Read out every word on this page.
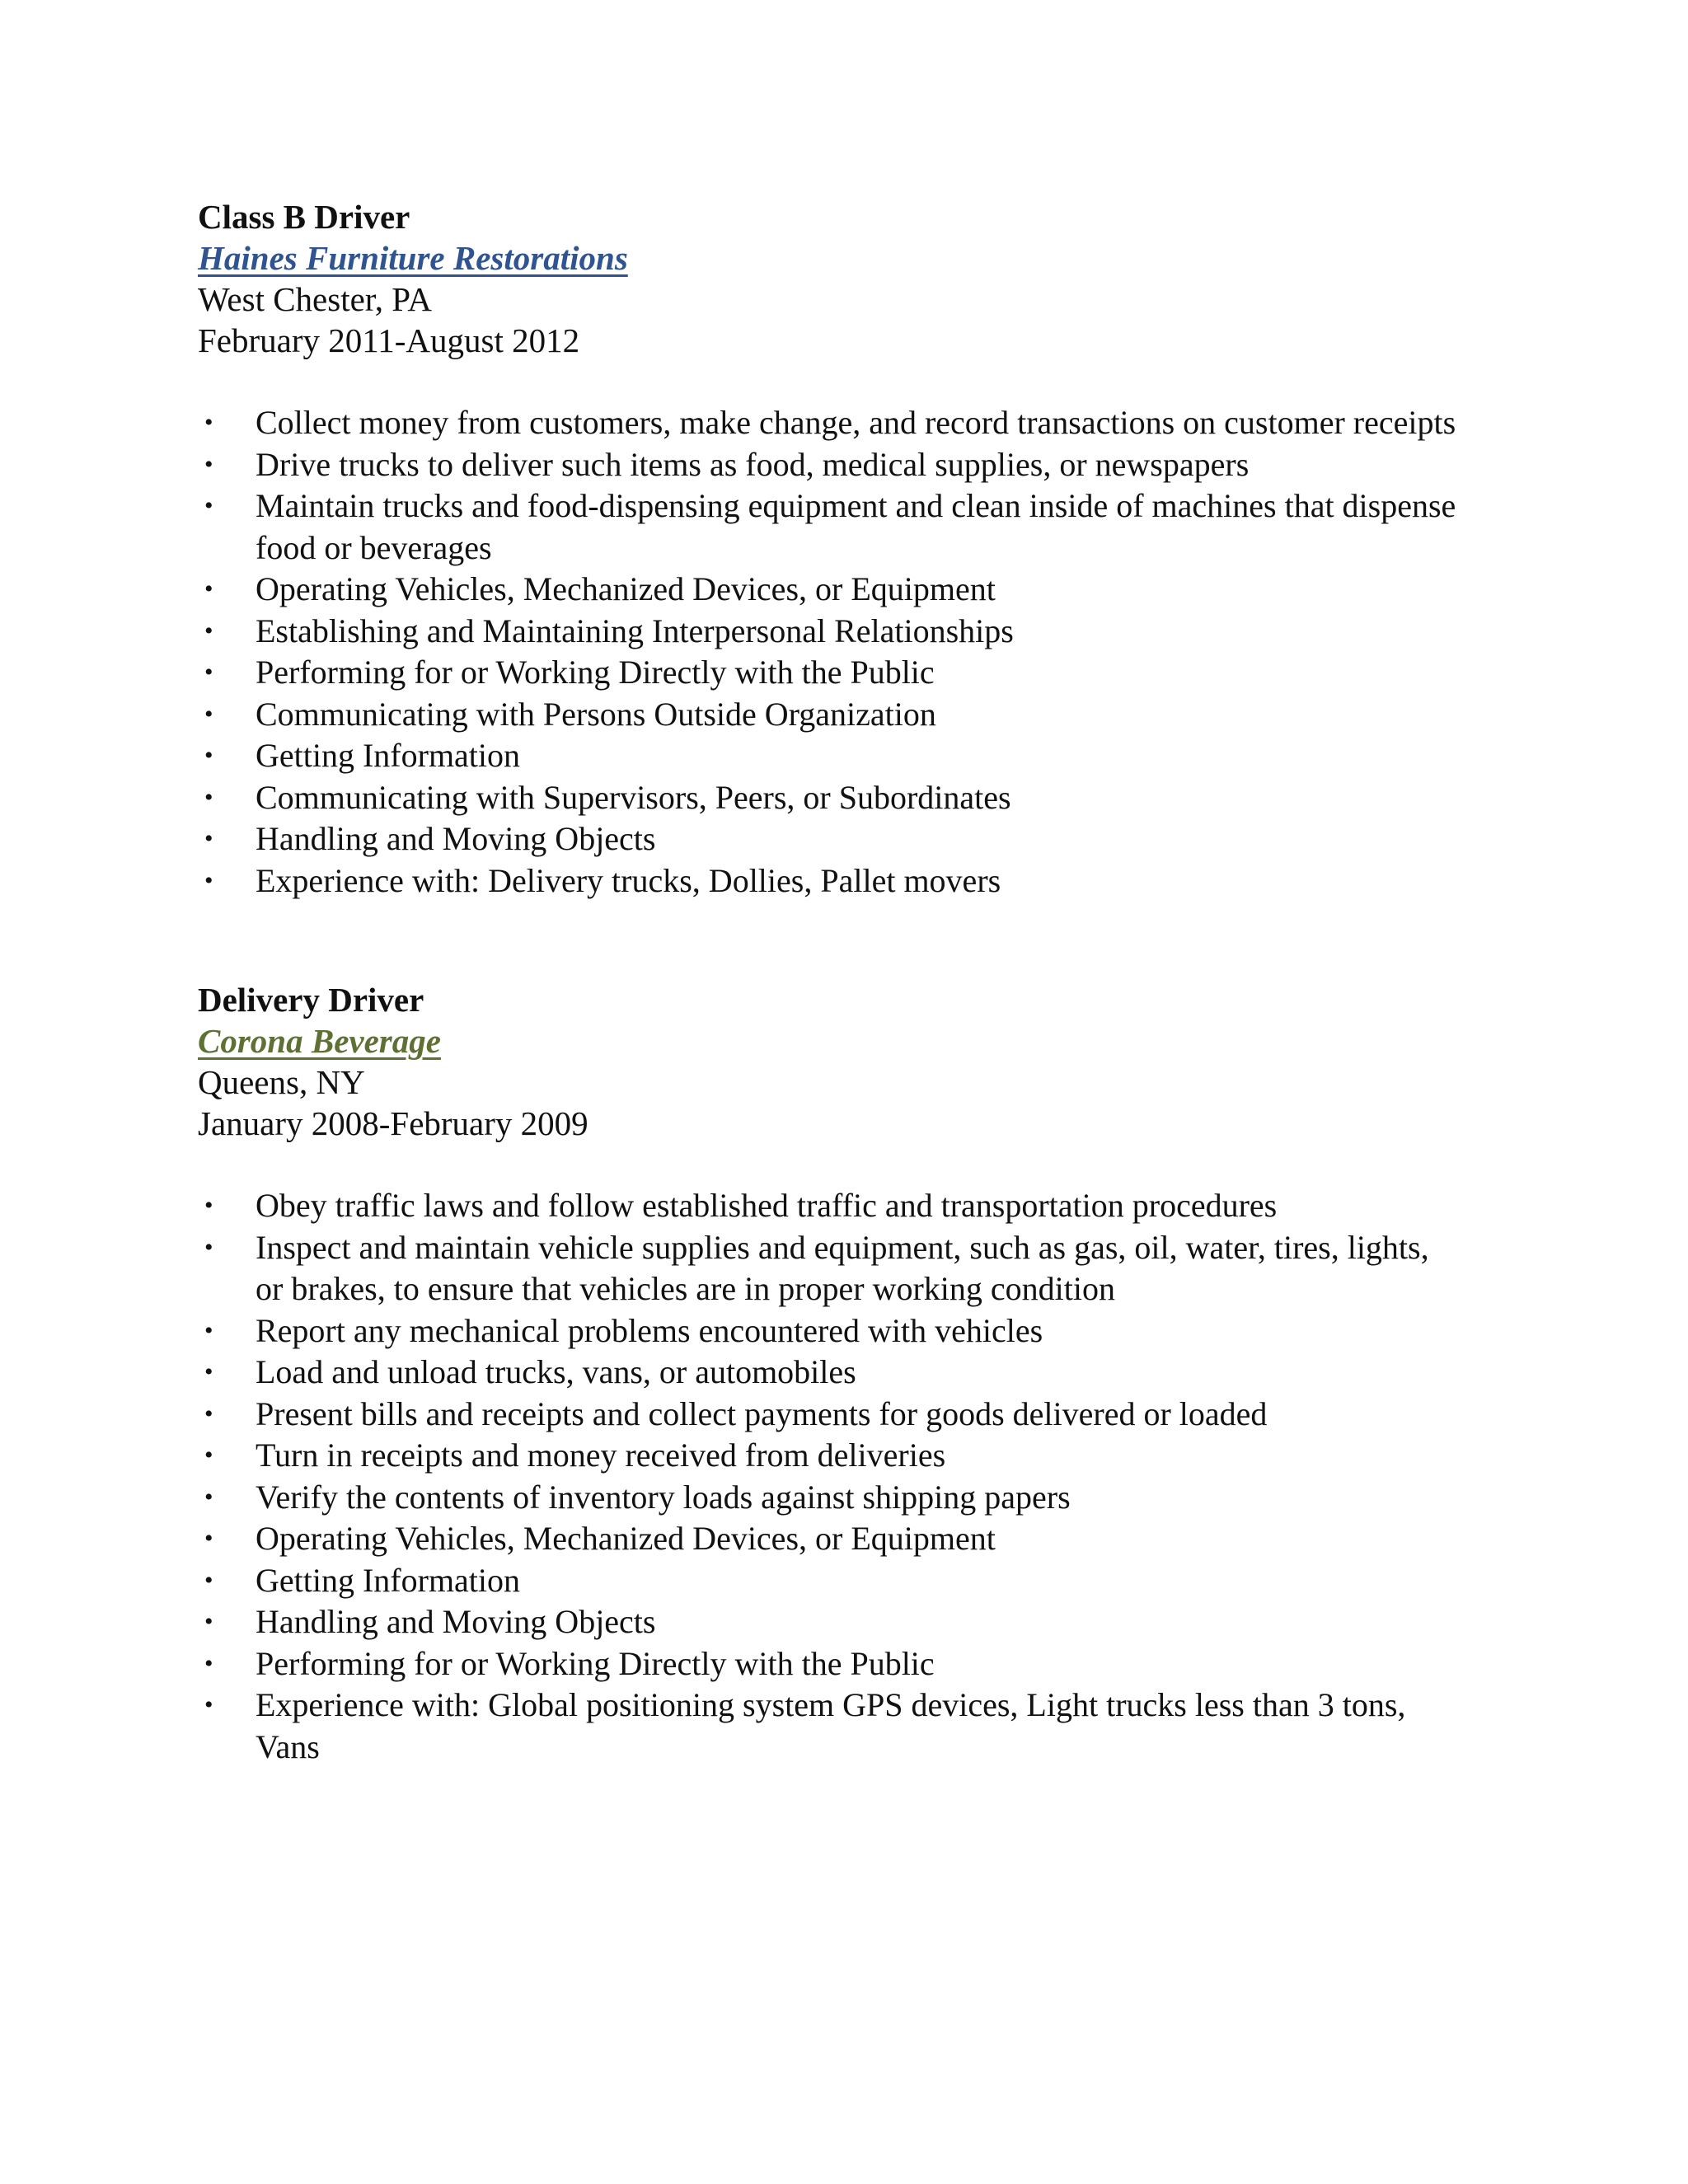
Class B Driver
Haines Furniture Restorations

West Chester, PA

February 2011-August 2012

• Collect money from customers, make change, and record transactions on customer receipts
• Drive trucks to deliver such items as food, medical supplies, or newspapers
• Maintain trucks and food-dispensing equipment and clean inside of machines that dispense food or beverages
• Operating Vehicles, Mechanized Devices, or Equipment
• Establishing and Maintaining Interpersonal Relationships
• Performing for or Working Directly with the Public
• Communicating with Persons Outside Organization
• Getting Information
• Communicating with Supervisors, Peers, or Subordinates
• Handling and Moving Objects
• Experience with: Delivery trucks, Dollies, Pallet movers
Delivery Driver
Corona Beverage

Queens, NY

January 2008-February 2009

• Obey traffic laws and follow established traffic and transportation procedures
• Inspect and maintain vehicle supplies and equipment, such as gas, oil, water, tires, lights, or brakes, to ensure that vehicles are in proper working condition
• Report any mechanical problems encountered with vehicles
• Load and unload trucks, vans, or automobiles
• Present bills and receipts and collect payments for goods delivered or loaded
• Turn in receipts and money received from deliveries
• Verify the contents of inventory loads against shipping papers
• Operating Vehicles, Mechanized Devices, or Equipment
• Getting Information
• Handling and Moving Objects
• Performing for or Working Directly with the Public
• Experience with: Global positioning system GPS devices, Light trucks less than 3 tons, Vans
